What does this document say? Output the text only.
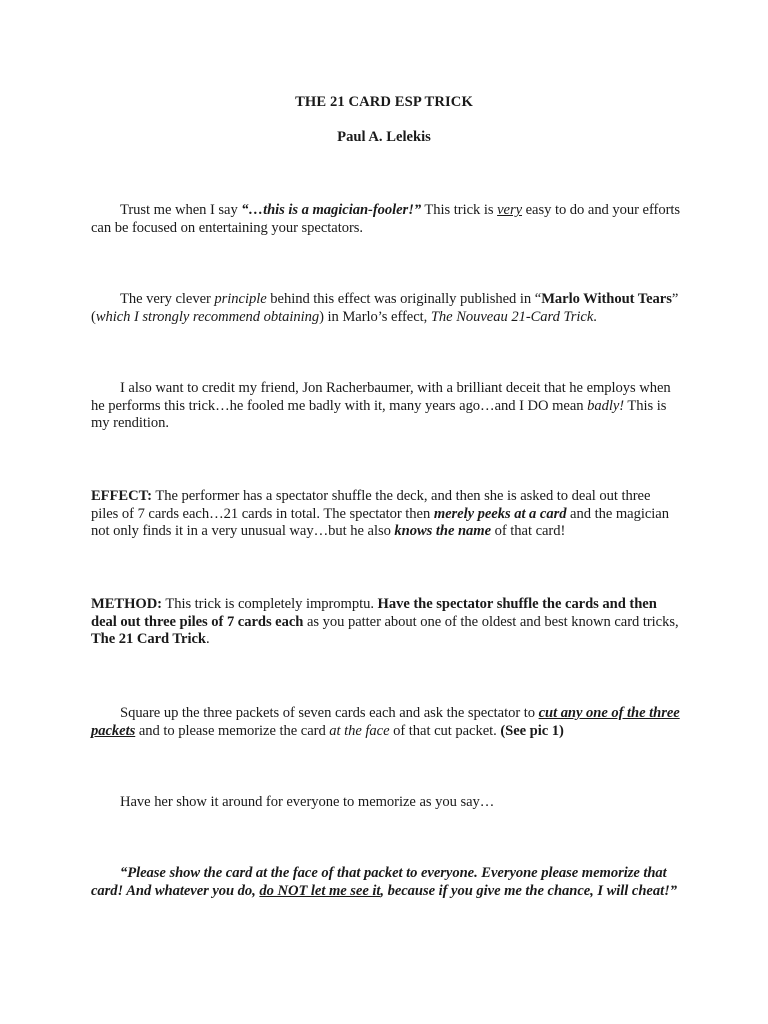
THE 21 CARD ESP TRICK
Paul A. Lelekis

Trust me when I say “…this is a magician-fooler!” This trick is very easy to do and your efforts can be focused on entertaining your spectators.

The very clever principle behind this effect was originally published in “Marlo Without Tears” (which I strongly recommend obtaining) in Marlo’s effect, The Nouveau 21-Card Trick.

I also want to credit my friend, Jon Racherbaumer, with a brilliant deceit that he employs when he performs this trick…he fooled me badly with it, many years ago…and I DO mean badly! This is my rendition.

EFFECT: The performer has a spectator shuffle the deck, and then she is asked to deal out three piles of 7 cards each…21 cards in total. The spectator then merely peeks at a card and the magician not only finds it in a very unusual way…but he also knows the name of that card!

METHOD: This trick is completely impromptu. Have the spectator shuffle the cards and then deal out three piles of 7 cards each as you patter about one of the oldest and best known card tricks, The 21 Card Trick.

Square up the three packets of seven cards each and ask the spectator to cut any one of the three packets and to please memorize the card at the face of that cut packet. (See pic 1)

Have her show it around for everyone to memorize as you say…

“Please show the card at the face of that packet to everyone. Everyone please memorize that card! And whatever you do, do NOT let me see it, because if you give me the chance, I will cheat!”
